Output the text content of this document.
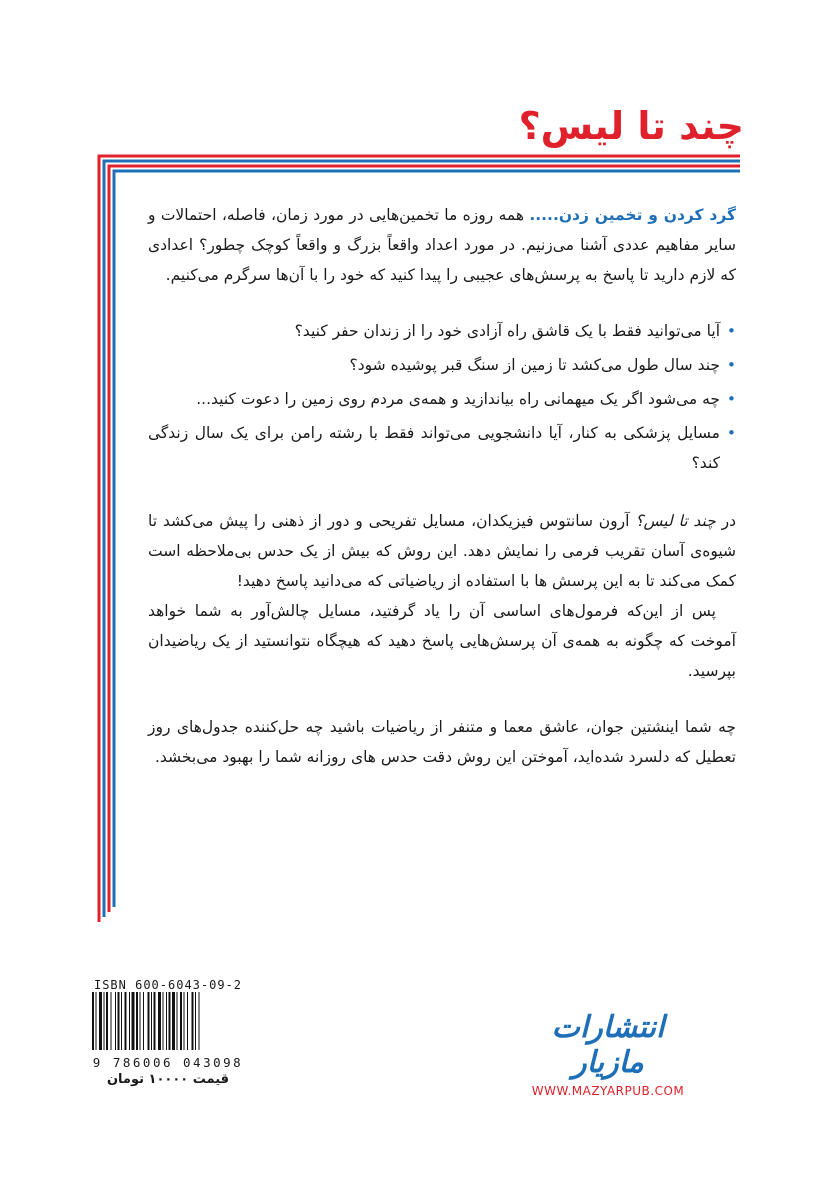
چند تا لیس؟

گرد کردن و تخمین زدن..... همه روزه ما تخمین‌هایی در مورد زمان، فاصله، احتمالات و سایر مفاهیم عددی آشنا می‌زنیم. در مورد اعداد واقعاً بزرگ و واقعاً کوچک چطور؟ اعدادی که لازم دارید تا پاسخ به پرسش‌های عجیبی را پیدا کنید که خود را با آن‌ها سرگرم می‌کنیم.

•
آیا می‌توانید فقط با یک قاشق راه آزادی خود را از زندان حفر کنید؟
•
چند سال طول می‌کشد تا زمین از سنگ قبر پوشیده شود؟
•
چه می‌شود اگر یک میهمانی راه بیاندازید و همه‌ی مردم روی زمین را دعوت کنید...
•
مسایل پزشکی به کنار، آیا دانشجویی می‌تواند فقط با رشته رامن برای یک سال زندگی کند؟

در چند تا لیس؟ آرون سانتوس فیزیکدان، مسایل تفریحی و دور از ذهنی را پیش می‌کشد تا شیوه‌ی آسان تقریب فرمی را نمایش دهد. این روش که بیش از یک حدس بی‌ملاحظه است کمک می‌کند تا به این پرسش ها با استفاده از ریاضیاتی که می‌دانید پاسخ دهید!

پس از این‌که فرمول‌های اساسی آن را یاد گرفتید، مسایل چالش‌آور به شما خواهد آموخت که چگونه به همه‌ی آن پرسش‌هایی پاسخ دهید که هیچگاه نتوانستید از یک ریاضیدان بپرسید.

چه شما اینشتین جوان، عاشق معما و متنفر از ریاضیات باشید چه حل‌کننده جدول‌های روز تعطیل که دلسرد شده‌اید، آموختن این روش دقت حدس های روزانه شما را بهبود می‌بخشد.

ISBN 600-6043-09-2
9 786006 043098
قیمت ۱۰۰۰۰ تومان
انتشارات مازیار
WWW.MAZYARPUB.COM
